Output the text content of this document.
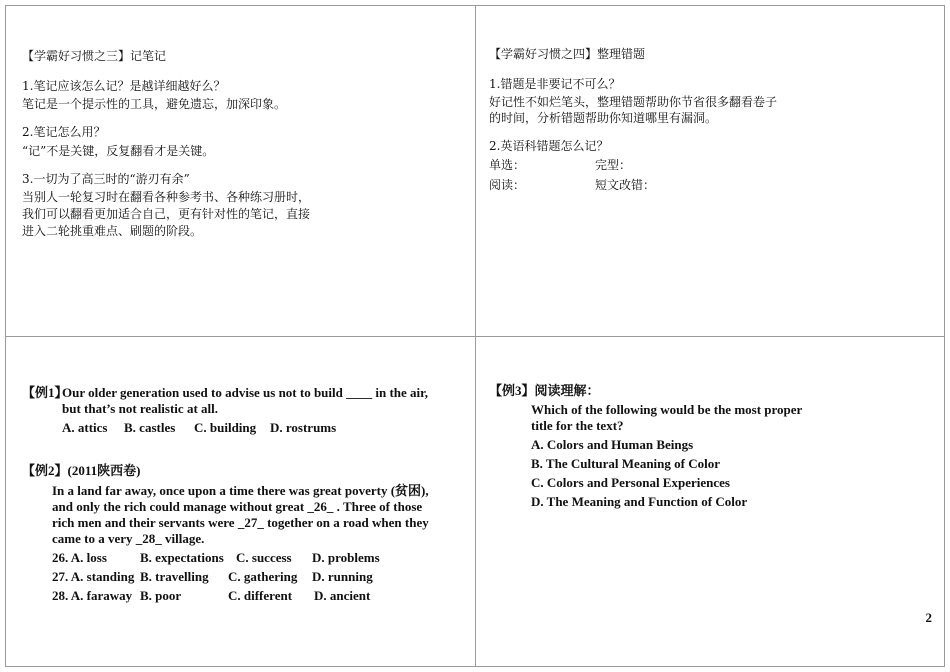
【学霸好习惯之三】记笔记
1.笔记应该怎么记？是越详细越好么？
笔记是一个提示性的工具，避免遗忘，加深印象。
2.笔记怎么用？
“记”不是关键，反复翻看才是关键。
3.一切为了高三时的“游刃有余”
当别人一轮复习时在翻看各种参考书、各种练习册时，
我们可以翻看更加适合自己，更有针对性的笔记，直接
进入二轮挑重难点、刷题的阶段。
【学霸好习惯之四】整理错题
1.错题是非要记不可么？
好记性不如烂笔头，整理错题帮助你节省很多翻看卷子
的时间，分析错题帮助你知道哪里有漏洞。
2.英语科错题怎么记？
单选：	完型：
阅读：	短文改错：
【例1】
Our older generation used to advise us not to build ____ in the air,
but that’s not realistic at all.
A. attics B. castles C. building D. rostrums
【例2】(2011陕西卷)
In a land far away, once upon a time there was great poverty (贫困),
and only the rich could manage without great _26_ . Three of those
rich men and their servants were _27_ together on a road when they
came to a very _28_ village.
26. A. loss	B. expectations C. success D. problems
27. A. standing B. travelling C. gathering D. running
28. A. faraway B. poor	C. different D. ancient
【例3】阅读理解：
Which of the following would be the most proper
title for the text?
A. Colors and Human Beings
B. The Cultural Meaning of Color
C. Colors and Personal Experiences
D. The Meaning and Function of Color
2
